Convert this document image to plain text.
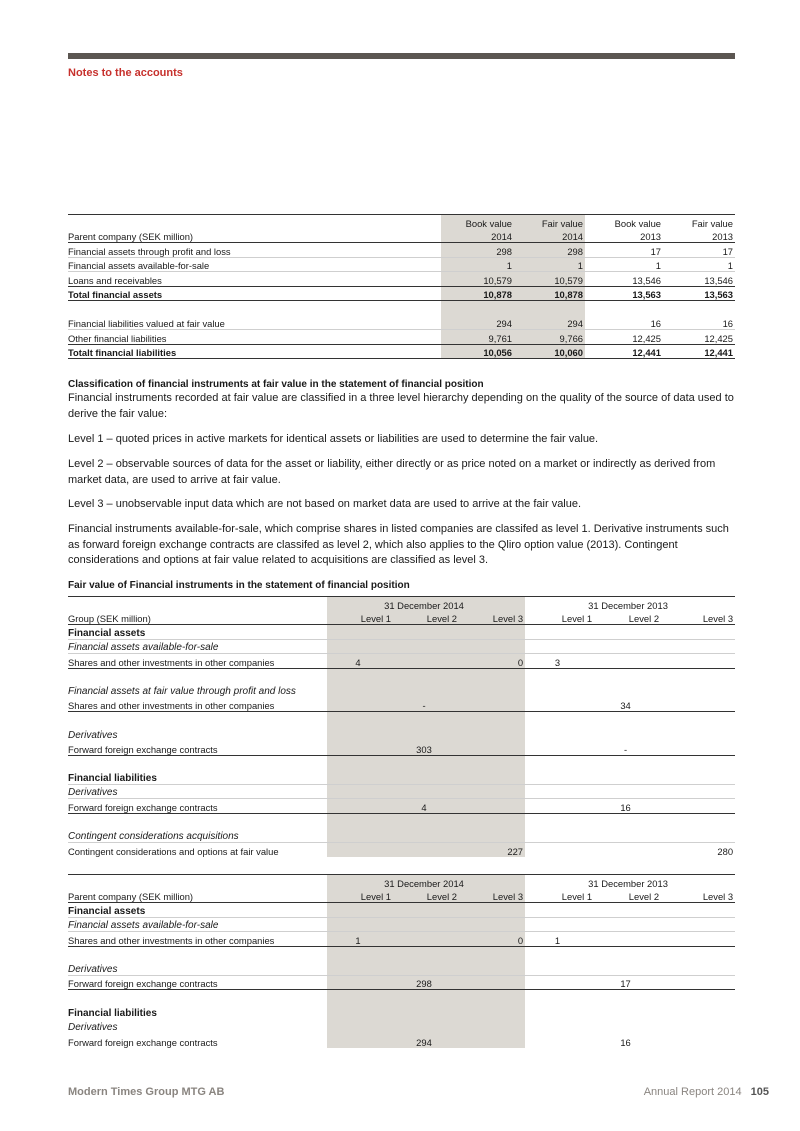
Notes to the accounts
	Book value	Fair value	Book value	Fair value
Parent company (SEK million)	2014	2014	2013	2013
Financial assets through profit and loss	298	298	17	17
Financial assets available-for-sale	1	1	1	1
Loans and receivables	10,579	10,579	13,546	13,546
Total financial assets	10,878	10,878	13,563	13,563

Financial liabilities valued at fair value	294	294	16	16
Other financial liabilities	9,761	9,766	12,425	12,425
Totalt financial liabilities	10,056	10,060	12,441	12,441
Classification of financial instruments at fair value in the statement of financial position
Financial instruments recorded at fair value are classified in a three level hierarchy depending on the quality of the source of data used to derive the fair value:
Level 1 – quoted prices in active markets for identical assets or liabilities are used to determine the fair value.
Level 2 – observable sources of data for the asset or liability, either directly or as price noted on a market or indirectly as derived from market data, are used to arrive at fair value.
Level 3 – unobservable input data which are not based on market data are used to arrive at the fair value.
Financial instruments available-for-sale, which comprise shares in listed companies are classifed as level 1. Derivative instruments such as forward foreign exchange contracts are classifed as level 2, which also applies to the Qliro option value (2013). Contingent considerations and options at fair value related to acquisitions are classified as level 3.
Fair value of Financial instruments in the statement of financial position
	31 December 2014			31 December 2013		
Group (SEK million)	Level 1	Level 2	Level 3	Level 1	Level 2	Level 3
Financial assets						
Financial assets available-for-sale						
Shares and other investments in other companies	4		0	3		

Financial assets at fair value through profit and loss						
Shares and other investments in other companies		-			34	

Derivatives						
Forward foreign exchange contracts		303			-	

Financial liabilities						
Derivatives						
Forward foreign exchange contracts		4			16	

Contingent considerations acquisitions						
Contingent considerations and options at fair value			227			280
	31 December 2014			31 December 2013		
Parent company (SEK million)	Level 1	Level 2	Level 3	Level 1	Level 2	Level 3
Financial assets						
Financial assets available-for-sale						
Shares and other investments in other companies	1		0	1		

Derivatives						
Forward foreign exchange contracts		298			17	

Financial liabilities						
Derivatives						
Forward foreign exchange contracts		294			16	
Modern Times Group MTG AB	Annual Report 2014 105
